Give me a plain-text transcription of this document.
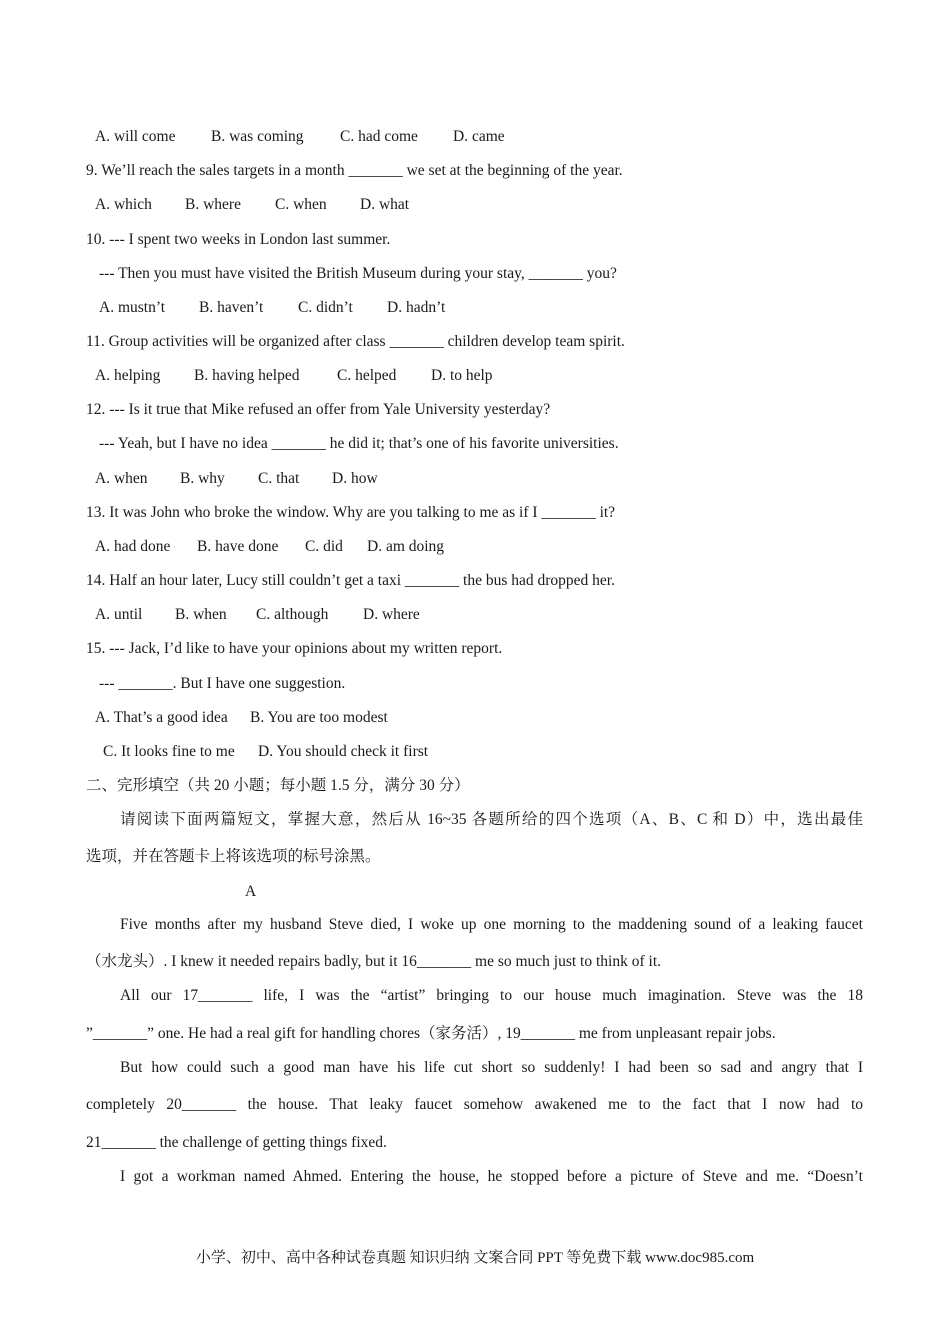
A. will come B. was coming C. had come D. came
9. We’ll reach the sales targets in a month _______ we set at the beginning of the year.
A. which B. where C. when D. what
10. --- I spent two weeks in London last summer.
--- Then you must have visited the British Museum during your stay, _______ you?
A. mustn’t B. haven’t C. didn’t D. hadn’t
11. Group activities will be organized after class _______ children develop team spirit.
A. helping B. having helped C. helped D. to help
12. --- Is it true that Mike refused an offer from Yale University yesterday?
--- Yeah, but I have no idea _______ he did it; that’s one of his favorite universities.
A. when B. why C. that D. how
13. It was John who broke the window. Why are you talking to me as if I _______ it?
A. had done B. have done C. did D. am doing
14. Half an hour later, Lucy still couldn’t get a taxi _______ the bus had dropped her.
A. until B. when C. although D. where
15. --- Jack, I’d like to have your opinions about my written report.
--- _______. But I have one suggestion.
A. That’s a good idea B. You are too modest
C. It looks fine to me D. You should check it first
二、完形填空（共 20 小题；每小题 1.5 分，满分 30 分）
请阅读下面两篇短文，掌握大意，然后从 16~35 各题所给的四个选项（A、B、C 和 D）中，选出最佳
选项，并在答题卡上将该选项的标号涂黑。
A
Five months after my husband Steve died, I woke up one morning to the maddening sound of a leaking faucet
（水龙头）. I knew it needed repairs badly, but it 16_______ me so much just to think of it.
All our 17_______ life, I was the “artist” bringing to our house much imagination. Steve was the 18
”_______” one. He had a real gift for handling chores（家务活）, 19_______ me from unpleasant repair jobs.
But how could such a good man have his life cut short so suddenly! I had been so sad and angry that I
completely 20_______ the house. That leaky faucet somehow awakened me to the fact that I now had to
21_______ the challenge of getting things fixed.
I got a workman named Ahmed. Entering the house, he stopped before a picture of Steve and me. “Doesn’t
小学、初中、高中各种试卷真题 知识归纳 文案合同 PPT 等免费下载 www.doc985.com
